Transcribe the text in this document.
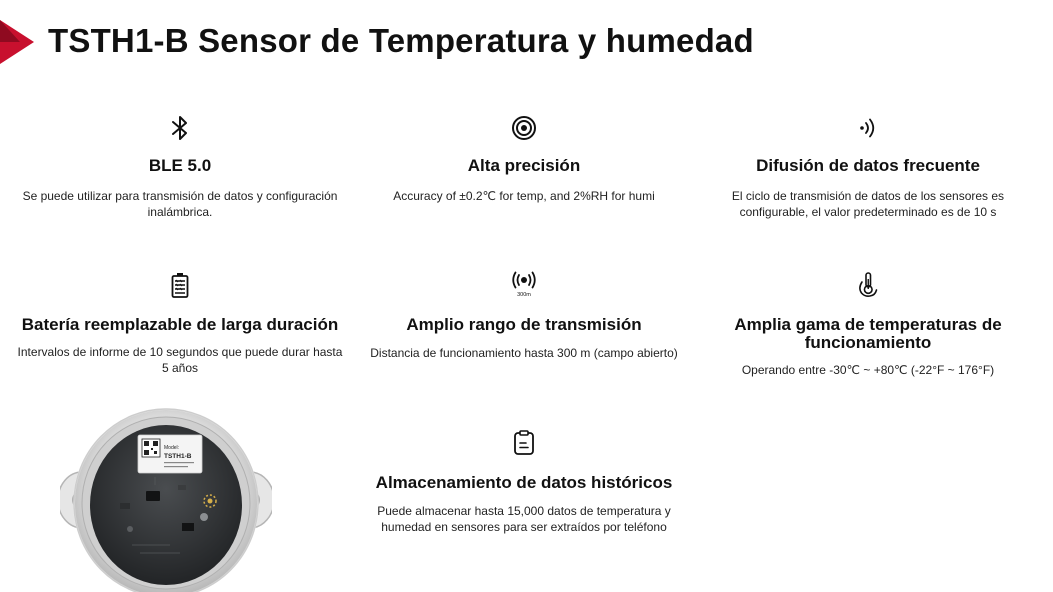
TSTH1-B Sensor de Temperatura y humedad
BLE 5.0
Se puede utilizar para transmisión de datos y configuración inalámbrica.
Alta precisión
Accuracy of ±0.2℃ for temp, and 2%RH for humi
Difusión de datos frecuente
El ciclo de transmisión de datos de los sensores es configurable, el valor predeterminado es de 10 s
Batería reemplazable de larga duración
Intervalos de informe de 10 segundos que puede durar hasta 5 años
300m
Amplio rango de transmisión
Distancia de funcionamiento hasta 300 m (campo abierto)
Amplia gama de temperaturas de funcionamiento
Operando entre -30℃ ~ +80℃ (-22°F ~ 176°F)
Almacenamiento de datos históricos
Puede almacenar hasta 15,000 datos de temperatura y humedad en sensores para ser extraídos por teléfono
Model:
TSTH1-B
